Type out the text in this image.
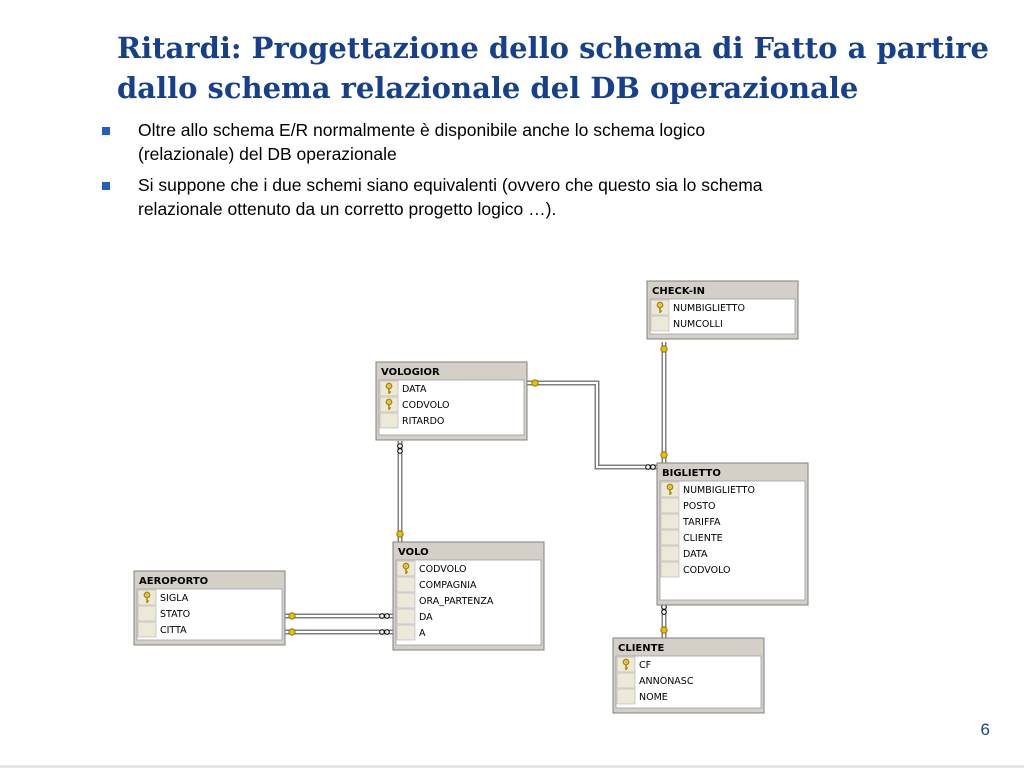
Ritardi: Progettazione dello schema di Fatto a partire
dallo schema relazionale del DB operazionale
Oltre allo schema E/R normalmente è disponibile anche lo schema logico
(relazionale) del DB operazionale
Si suppone che i due schemi siano equivalenti (ovvero che questo sia lo schema
relazionale ottenuto da un corretto progetto logico …).
CHECK-IN
NUMBIGLIETTO
NUMCOLLI
VOLOGIOR
DATA
CODVOLO
RITARDO
BIGLIETTO
NUMBIGLIETTO
POSTO
TARIFFA
CLIENTE
DATA
CODVOLO
VOLO
CODVOLO
COMPAGNIA
ORA_PARTENZA
DA
A
AEROPORTO
SIGLA
STATO
CITTA
CLIENTE
CF
ANNONASC
NOME
6
